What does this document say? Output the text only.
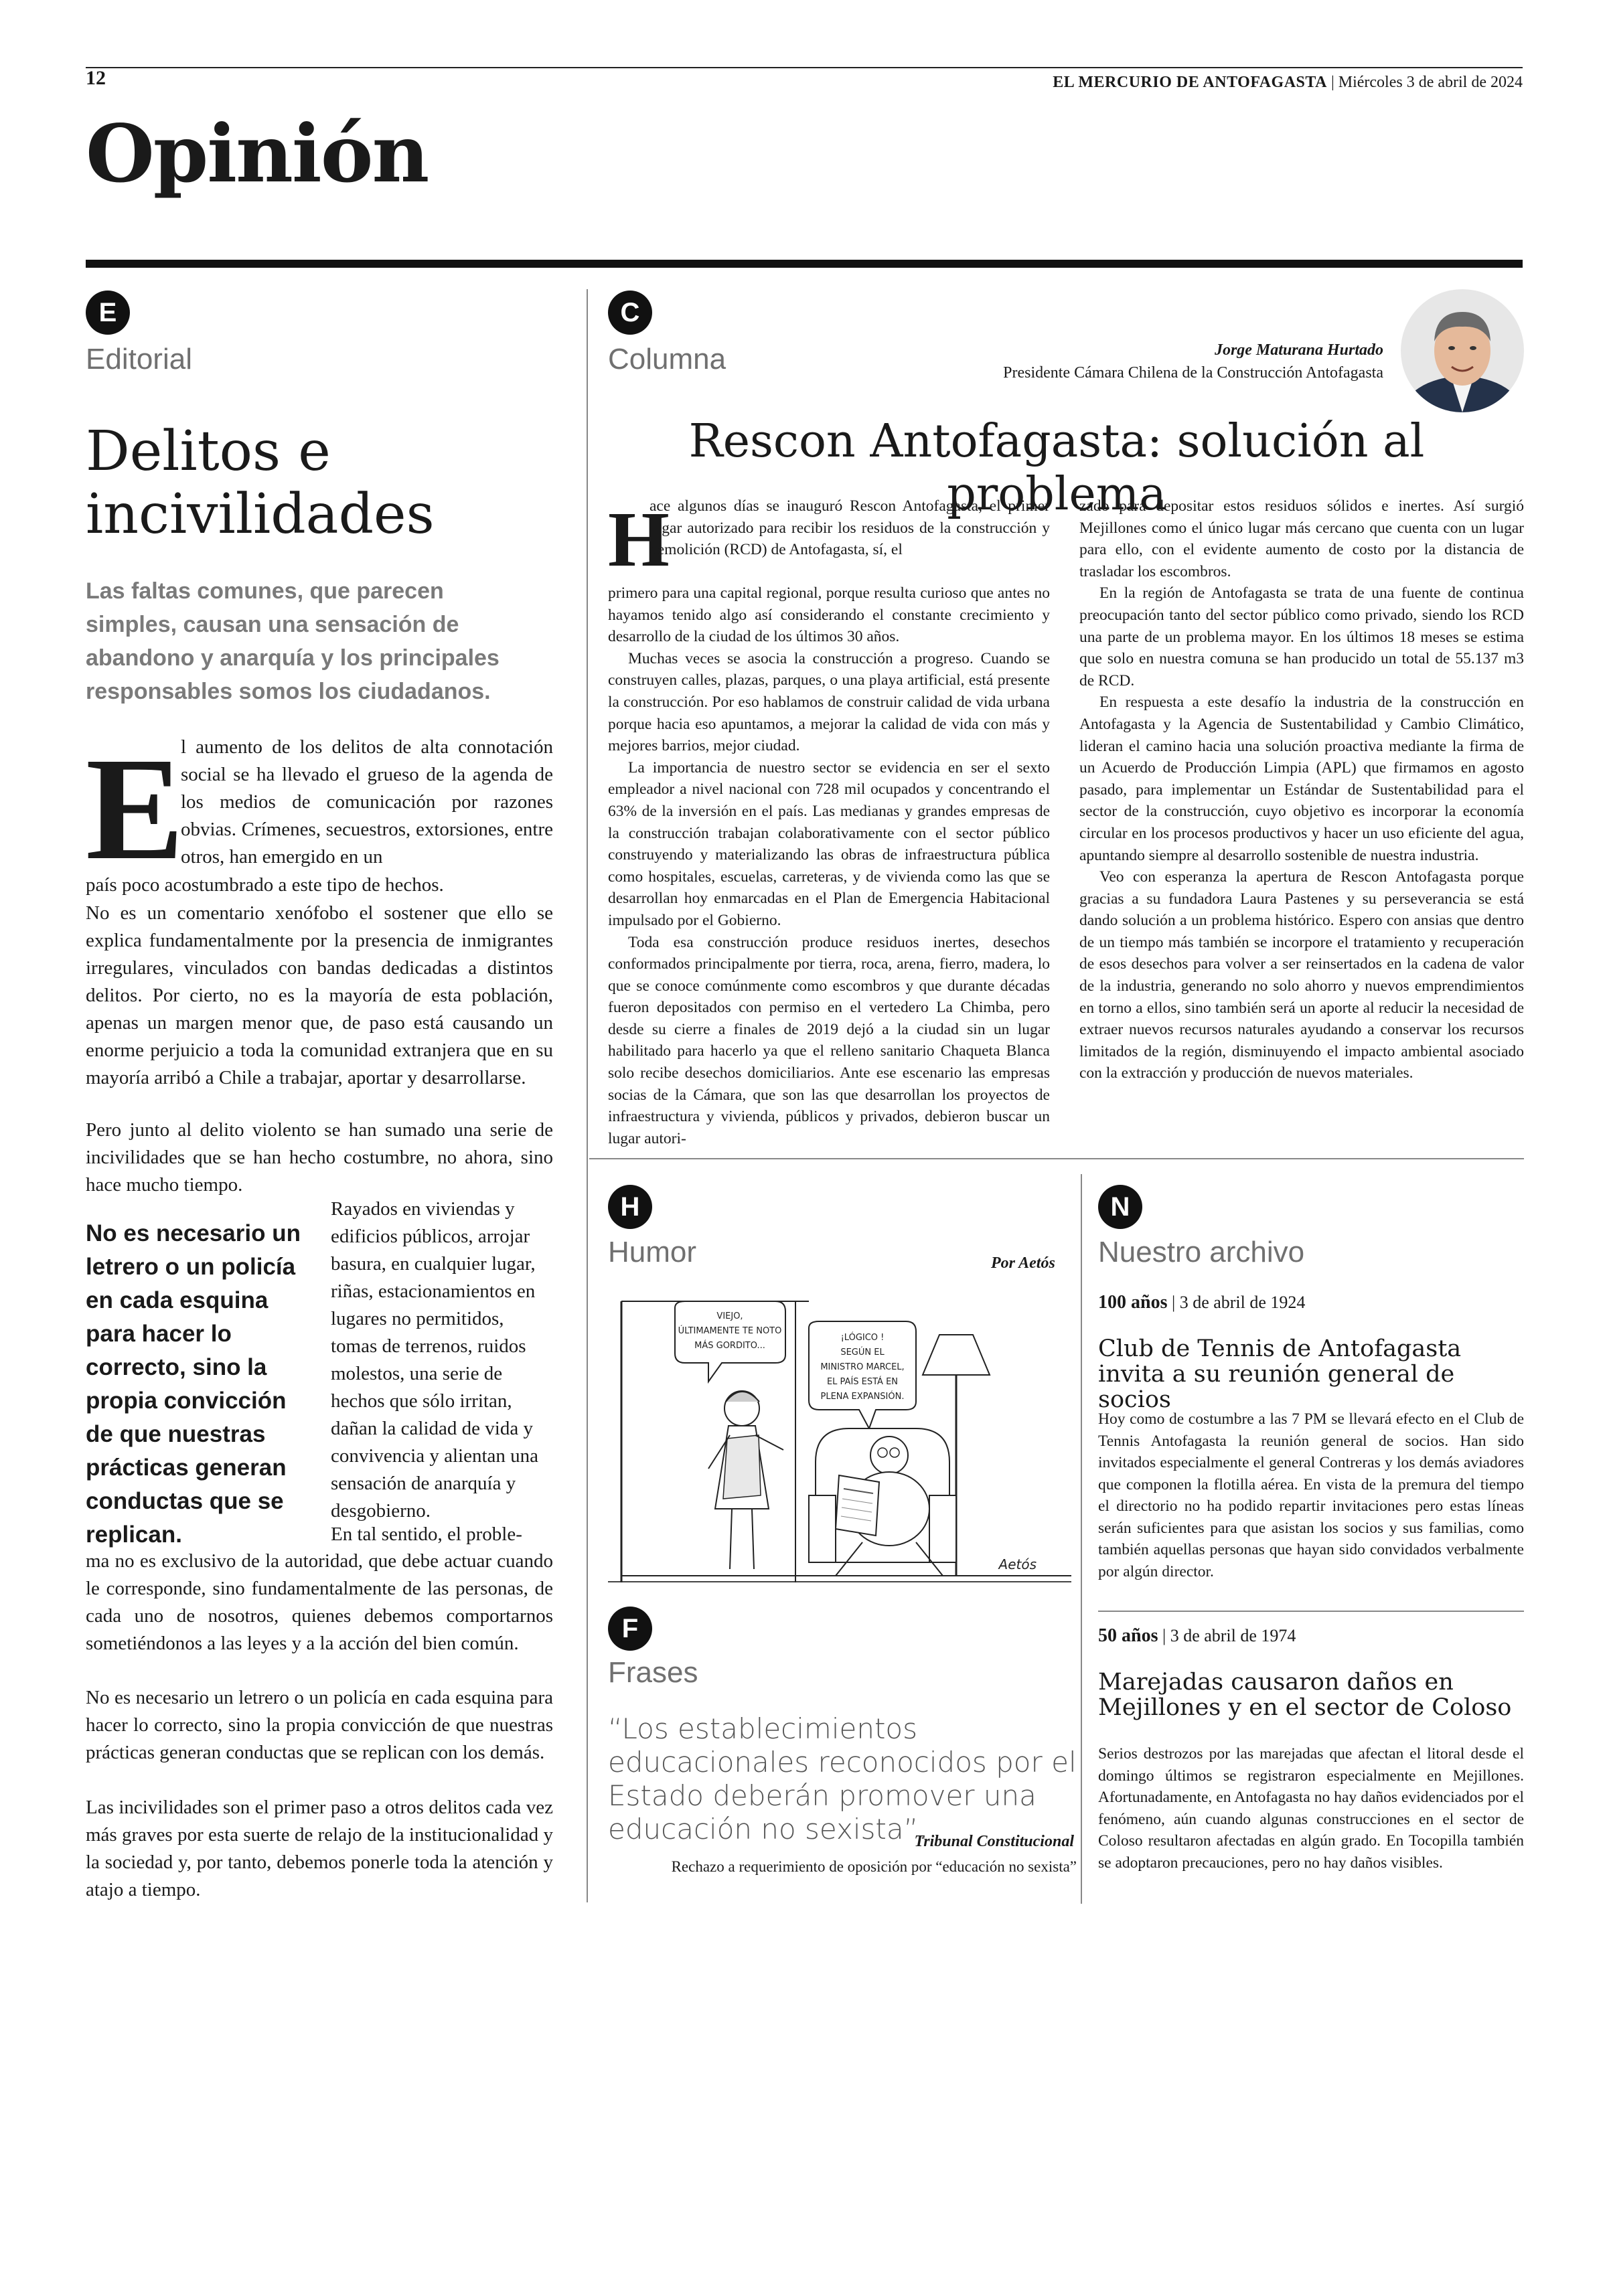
12	EL MERCURIO DE ANTOFAGASTA | Miércoles 3 de abril de 2024
Opinión
E
Editorial
Delitos e
incivilidades
Las faltas comunes, que parecen simples, causan una sensación de abandono y anarquía y los principales responsables somos los ciudadanos.
E
l aumento de los delitos de alta connotación social se ha llevado el grueso de la agenda de los medios de comunicación por razones obvias. Crímenes, secuestros, extorsiones, entre otros, han emergido en un
país poco acostumbrado a este tipo de hechos.
No es un comentario xenófobo el sostener que ello se explica fundamentalmente por la presencia de inmigrantes irregulares, vinculados con bandas dedicadas a distintos delitos. Por cierto, no es la mayoría de esta población, apenas un margen menor que, de paso está causando un enorme perjuicio a toda la comunidad extranjera que en su mayoría arribó a Chile a trabajar, aportar y desarrollarse.
Pero junto al delito violento se han sumado una serie de incivilidades que se han hecho costumbre, no ahora, sino hace mucho tiempo.
No es necesario un letrero o un policía en cada esquina para hacer lo correcto, sino la propia convicción de que nuestras prácticas generan conductas que se replican.
Rayados en viviendas y edificios públicos, arrojar basura, en cualquier lugar, riñas, estacionamientos en lugares no permitidos, tomas de terrenos, ruidos molestos, una serie de hechos que sólo irritan, dañan la calidad de vida y convivencia y alientan una sensación de anarquía y desgobierno.
En tal sentido, el proble-
ma no es exclusivo de la autoridad, que debe actuar cuando le corresponde, sino fundamentalmente de las personas, de cada uno de nosotros, quienes debemos comportarnos sometiéndonos a las leyes y a la acción del bien común.
No es necesario un letrero o un policía en cada esquina para hacer lo correcto, sino la propia convicción de que nuestras prácticas generan conductas que se replican con los demás.
Las incivilidades son el primer paso a otros delitos cada vez más graves por esta suerte de relajo de la institucionalidad y la sociedad y, por tanto, debemos ponerle toda la atención y atajo a tiempo.
C
Columna	Jorge Maturana Hurtado
Presidente Cámara Chilena de la Construcción Antofagasta
Rescon Antofagasta: solución al problema
H
ace algunos días se inauguró Rescon Antofagasta, el primer lugar autorizado para recibir los residuos de la construcción y demolición (RCD) de Antofagasta, sí, el
primero para una capital regional, porque resulta curioso que antes no hayamos tenido algo así considerando el constante crecimiento y desarrollo de la ciudad de los últimos 30 años.
Muchas veces se asocia la construcción a progreso. Cuando se construyen calles, plazas, parques, o una playa artificial, está presente la construcción. Por eso hablamos de construir calidad de vida urbana porque hacia eso apuntamos, a mejorar la calidad de vida con más y mejores barrios, mejor ciudad.
La importancia de nuestro sector se evidencia en ser el sexto empleador a nivel nacional con 728 mil ocupados y concentrando el 63% de la inversión en el país. Las medianas y grandes empresas de la construcción trabajan colaborativamente con el sector público construyendo y materializando las obras de infraestructura pública como hospitales, escuelas, carreteras, y de vivienda como las que se desarrollan hoy enmarcadas en el Plan de Emergencia Habitacional impulsado por el Gobierno.
Toda esa construcción produce residuos inertes, desechos conformados principalmente por tierra, roca, arena, fierro, madera, lo que se conoce comúnmente como escombros y que durante décadas fueron depositados con permiso en el vertedero La Chimba, pero desde su cierre a finales de 2019 dejó a la ciudad sin un lugar habilitado para hacerlo ya que el relleno sanitario Chaqueta Blanca solo recibe desechos domiciliarios. Ante ese escenario las empresas socias de la Cámara, que son las que desarrollan los proyectos de infraestructura y vivienda, públicos y privados, debieron buscar un lugar autori-
zado para depositar estos residuos sólidos e inertes. Así surgió Mejillones como el único lugar más cercano que cuenta con un lugar para ello, con el evidente aumento de costo por la distancia de trasladar los escombros.
En la región de Antofagasta se trata de una fuente de continua preocupación tanto del sector público como privado, siendo los RCD una parte de un problema mayor. En los últimos 18 meses se estima que solo en nuestra comuna se han producido un total de 55.137 m3 de RCD.
En respuesta a este desafío la industria de la construcción en Antofagasta y la Agencia de Sustentabilidad y Cambio Climático, lideran el camino hacia una solución proactiva mediante la firma de un Acuerdo de Producción Limpia (APL) que firmamos en agosto pasado, para implementar un Estándar de Sustentabilidad para el sector de la construcción, cuyo objetivo es incorporar la economía circular en los procesos productivos y hacer un uso eficiente del agua, apuntando siempre al desarrollo sostenible de nuestra industria.
Veo con esperanza la apertura de Rescon Antofagasta porque gracias a su fundadora Laura Pastenes y su perseverancia se está dando solución a un problema histórico. Espero con ansias que dentro de un tiempo más también se incorpore el tratamiento y recuperación de esos desechos para volver a ser reinsertados en la cadena de valor de la industria, generando no solo ahorro y nuevos emprendimientos en torno a ellos, sino también será un aporte al reducir la necesidad de extraer nuevos recursos naturales ayudando a conservar los recursos limitados de la región, disminuyendo el impacto ambiental asociado con la extracción y producción de nuevos materiales.
H
Humor	Por Aetós
VIEJO,
ÚLTIMAMENTE TE NOTO
MÁS GORDITO...
¡LÓGICO !
SEGÚN EL
MINISTRO MARCEL,
EL PAÍS ESTÁ EN
PLENA EXPANSIÓN.
Aetós
F
Frases
“Los establecimientos educacionales reconocidos por el Estado deberán promover una educación no sexista”.
Tribunal Constitucional
Rechazo a requerimiento de oposición por “educación no sexista”
N
Nuestro archivo
100 años | 3 de abril de 1924
Club de Tennis de Antofagasta invita a su reunión general de socios
Hoy como de costumbre a las 7 PM se llevará efecto en el Club de Tennis Antofagasta la reunión general de socios. Han sido invitados especialmente el general Contreras y los demás aviadores que componen la flotilla aérea. En vista de la premura del tiempo el directorio no ha podido repartir invitaciones pero estas líneas serán suficientes para que asistan los socios y sus familias, como también aquellas personas que hayan sido convidados verbalmente por algún director.
50 años | 3 de abril de 1974
Marejadas causaron daños en Mejillones y en el sector de Coloso
Serios destrozos por las marejadas que afectan el litoral desde el domingo últimos se registraron especialmente en Mejillones. Afortunadamente, en Antofagasta no hay daños evidenciados por el fenómeno, aún cuando algunas construcciones en el sector de Coloso resultaron afectadas en algún grado. En Tocopilla también se adoptaron precauciones, pero no hay daños visibles.
